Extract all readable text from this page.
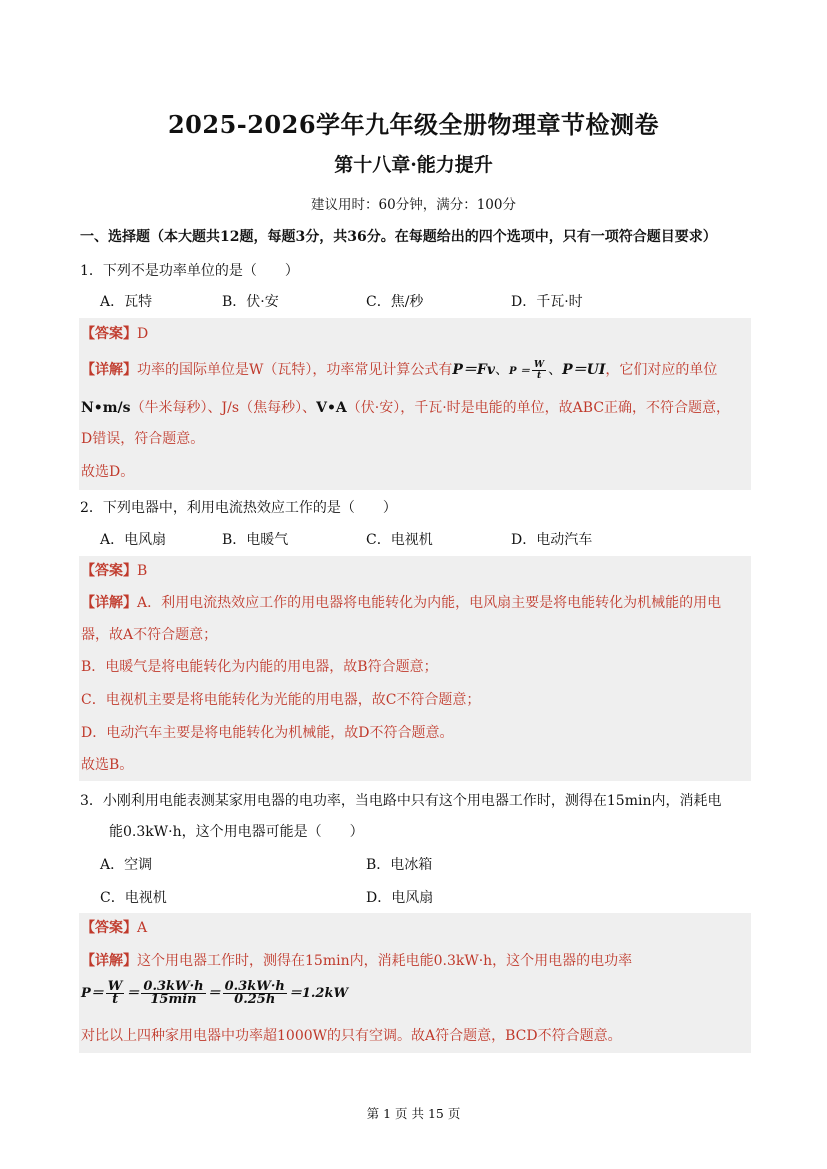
2025-2026学年九年级全册物理章节检测卷
第十八章·能力提升
建议用时：60分钟，满分：100分
一、选择题（本大题共12题，每题3分，共36分。在每题给出的四个选项中，只有一项符合题目要求）
1．下列不是功率单位的是（　　）
A．瓦特	B．伏·安	C．焦/秒	D．千瓦·时
【答案】D
【详解】功率的国际单位是W（瓦特），功率常见计算公式有P＝Fv、$P = \frac{W}{t}$ 、P＝UI，它们对应的单位
N•m/s（牛米每秒）、J/s（焦每秒）、V•A（伏·安），千瓦·时是电能的单位，故ABC正确，不符合题意，
D错误，符合题意。
故选D。
2．下列电器中，利用电流热效应工作的是（　　）
A．电风扇	B．电暖气	C．电视机	D．电动汽车
【答案】B
【详解】A．利用电流热效应工作的用电器将电能转化为内能，电风扇主要是将电能转化为机械能的用电
器，故A不符合题意；
B．电暖气是将电能转化为内能的用电器，故B符合题意；
C．电视机主要是将电能转化为光能的用电器，故C不符合题意；
D．电动汽车主要是将电能转化为机械能，故D不符合题意。
故选B。
3．小刚利用电能表测某家用电器的电功率，当电路中只有这个用电器工作时，测得在15min内，消耗电
能0.3kW·h，这个用电器可能是（　　）
A．空调	B．电冰箱
C．电视机	D．电风扇
【答案】A
【详解】这个用电器工作时，测得在15min内，消耗电能0.3kW·h，这个用电器的电功率
$P= \frac{W}{t} = \frac{0.3kW\cdot h}{15\min} = \frac{0.3kW\cdot h}{0.25h} =1.2kW$
对比以上四种家用电器中功率超1000W的只有空调。故A符合题意，BCD不符合题意。
第 1 页 共 15 页
